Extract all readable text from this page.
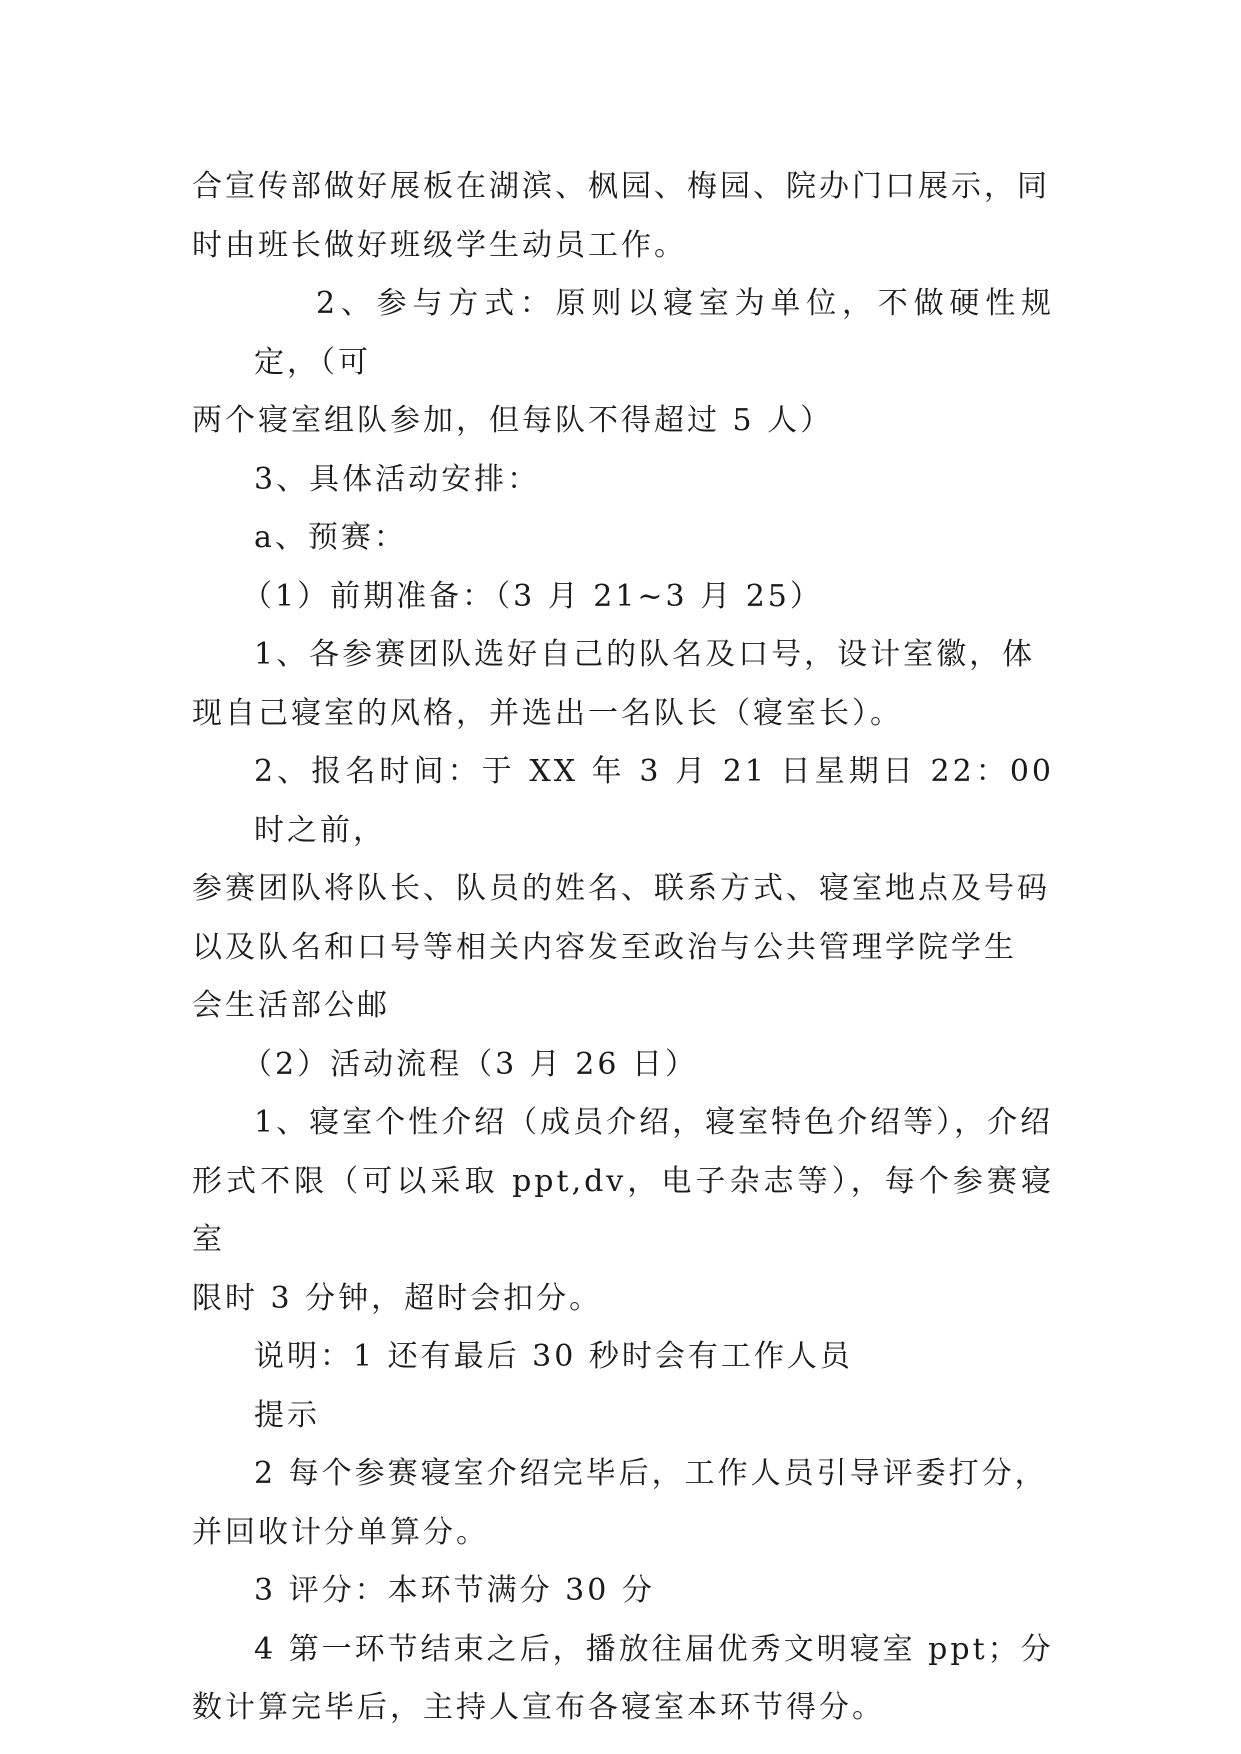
合宣传部做好展板在湖滨、枫园、梅园、院办门口展示，同
时由班长做好班级学生动员工作。

2、参与方式：原则以寝室为单位，不做硬性规定，（可
两个寝室组队参加，但每队不得超过 5 人）

3、具体活动安排：

a、预赛：

（1）前期准备：（3 月 21~3 月 25）

1、各参赛团队选好自己的队名及口号，设计室徽，体
现自己寝室的风格，并选出一名队长（寝室长）。

2、报名时间：于 XX 年 3 月 21 日星期日 22：00 时之前，
参赛团队将队长、队员的姓名、联系方式、寝室地点及号码
以及队名和口号等相关内容发至政治与公共管理学院学生
会生活部公邮

（2）活动流程（3 月 26 日）

1、寝室个性介绍（成员介绍，寝室特色介绍等），介绍
形式不限（可以采取 ppt,dv，电子杂志等），每个参赛寝室
限时 3 分钟，超时会扣分。

说明：1 还有最后 30 秒时会有工作人员

提示

2 每个参赛寝室介绍完毕后，工作人员引导评委打分，
并回收计分单算分。

3 评分：本环节满分 30 分

4 第一环节结束之后，播放往届优秀文明寝室 ppt；分
数计算完毕后，主持人宣布各寝室本环节得分。
